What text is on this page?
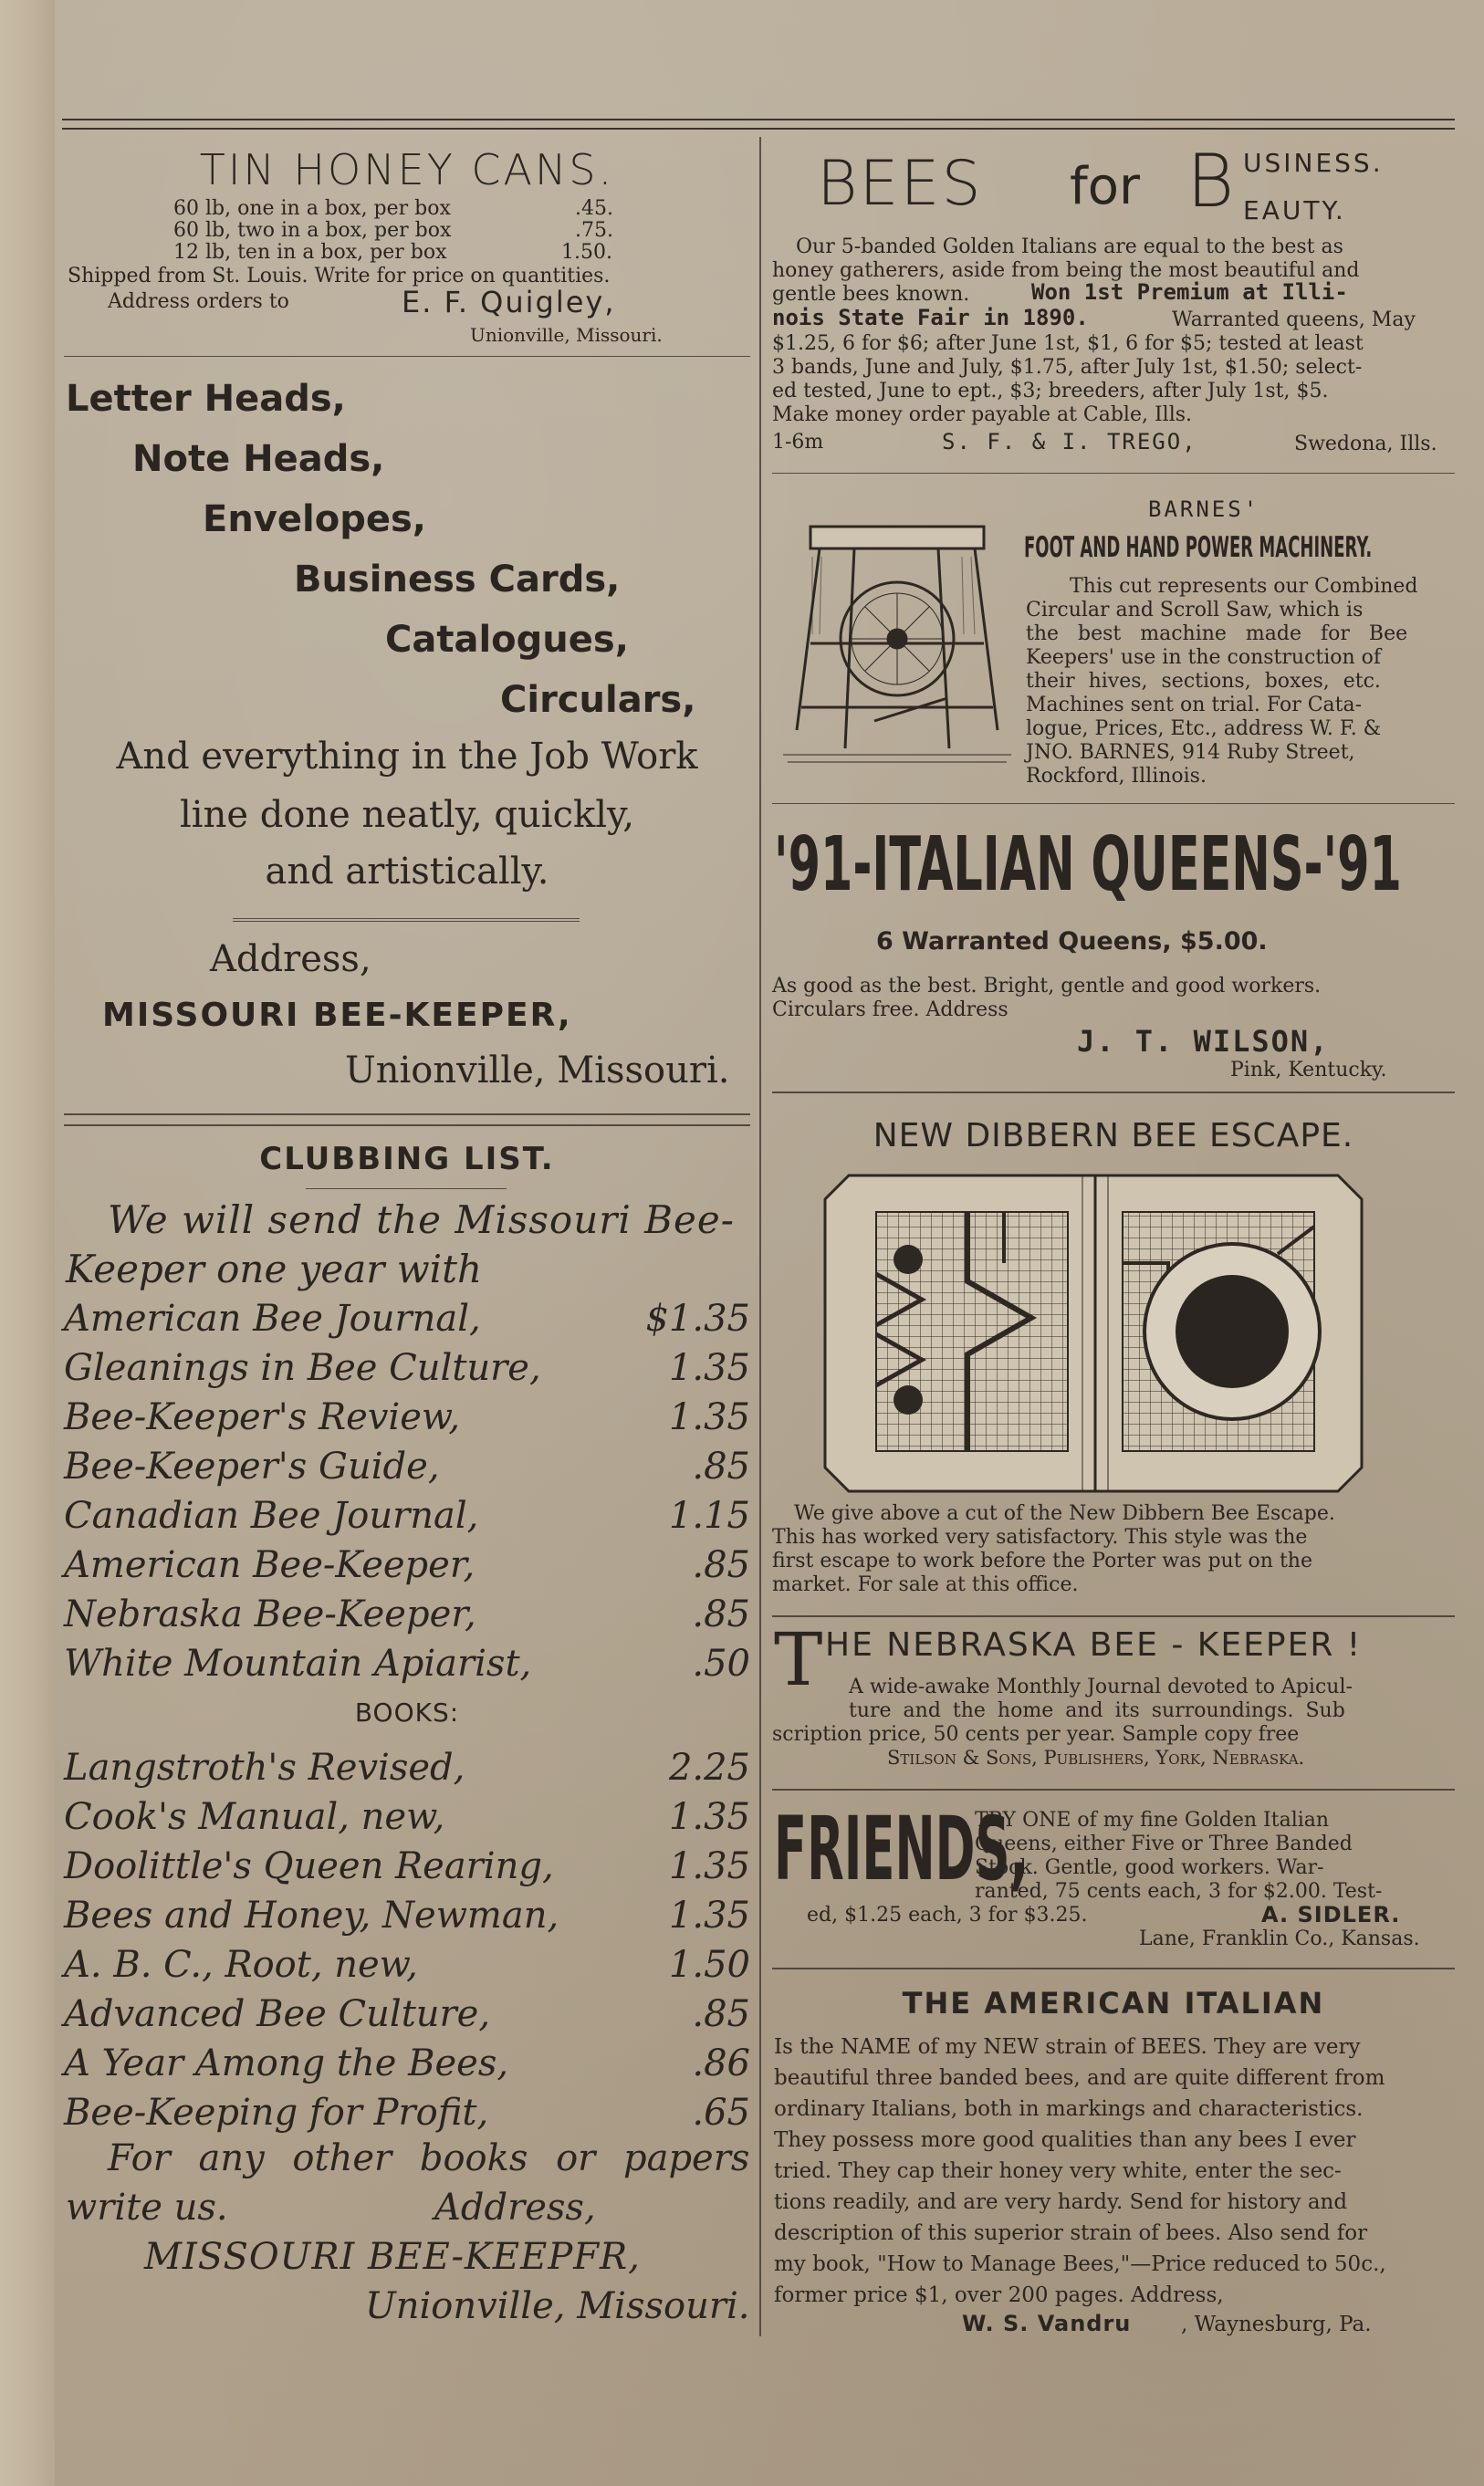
TIN HONEY CANS.
60 lb, one in a box, per box	.45.
60 lb, two in a box, per box	.75.
12 lb, ten in a box, per box	1.50.
Shipped from St. Louis. Write for price on quantities.
Address orders to	E. F. Quigley,
Unionville, Missouri.
Letter Heads,
Note Heads,
Envelopes,
Business Cards,
Catalogues,
Circulars,
And everything in the Job Work
line done neatly, quickly,
and artistically.
Address,
MISSOURI BEE-KEEPER,
Unionville, Missouri.
CLUBBING LIST.
We will send the Missouri Bee-
Keeper one year with
American Bee Journal,	$1.35
Gleanings in Bee Culture,	1.35
Bee-Keeper's Review,	1.35
Bee-Keeper's Guide,	.85
Canadian Bee Journal,	1.15
American Bee-Keeper,	.85
Nebraska Bee-Keeper,	.85
White Mountain Apiarist,	.50
BOOKS:
Langstroth's Revised,	2.25
Cook's Manual, new,	1.35
Doolittle's Queen Rearing,	1.35
Bees and Honey, Newman,	1.35
A. B. C., Root, new,	1.50
Advanced Bee Culture,	.85
A Year Among the Bees,	.86
Bee-Keeping for Profit,	.65
For any other books or papers
write us.	Address,
MISSOURI BEE-KEEPFR,
Unionville, Missouri.
BEES for B USINESS.
EAUTY.
Our 5-banded Golden Italians are equal to the best as
honey gatherers, aside from being the most beautiful and
gentle bees known.	Won 1st Premium at Illi-
nois State Fair in 1890.	Warranted queens, May
$1.25, 6 for $6; after June 1st, $1, 6 for $5; tested at least
3 bands, June and July, $1.75, after July 1st, $1.50; select-
ed tested, June to ept., $3; breeders, after July 1st, $5.
Make money order payable at Cable, Ills.
1-6m	S. F. & I. TREGO,	Swedona, Ills.
BARNES'
FOOT AND HAND POWER MACHINERY.
This cut represents our Combined
Circular and Scroll Saw, which is
the best machine made for Bee
Keepers' use in the construction of
their hives, sections, boxes, etc.
Machines sent on trial. For Cata-
logue, Prices, Etc., address W. F. &
JNO. BARNES, 914 Ruby Street,
Rockford, Illinois.
'91-ITALIAN QUEENS-'91
6 Warranted Queens, $5.00.
As good as the best. Bright, gentle and good workers.
Circulars free. Address
J. T. WILSON,
Pink, Kentucky.
NEW DIBBERN BEE ESCAPE.
We give above a cut of the New Dibbern Bee Escape.
This has worked very satisfactory. This style was the
first escape to work before the Porter was put on the
market. For sale at this office.
T HE NEBRASKA BEE - KEEPER !
A wide-awake Monthly Journal devoted to Apicul-
ture and the home and its surroundings. Sub
scription price, 50 cents per year. Sample copy free
Stilson & Sons, Publishers, York, Nebraska.
FRIENDS,
TRY ONE of my fine Golden Italian
Queens, either Five or Three Banded
Stock. Gentle, good workers. War-
ranted, 75 cents each, 3 for $2.00. Test-
ed, $1.25 each, 3 for $3.25.	A. SIDLER.
Lane, Franklin Co., Kansas.
THE AMERICAN ITALIAN
Is the NAME of my NEW strain of BEES. They are very
beautiful three banded bees, and are quite different from
ordinary Italians, both in markings and characteristics.
They possess more good qualities than any bees I ever
tried. They cap their honey very white, enter the sec-
tions readily, and are very hardy. Send for history and
description of this superior strain of bees. Also send for
my book, "How to Manage Bees,"—Price reduced to 50c.,
former price $1, over 200 pages. Address,
W. S. Vandru , Waynesburg, Pa.
